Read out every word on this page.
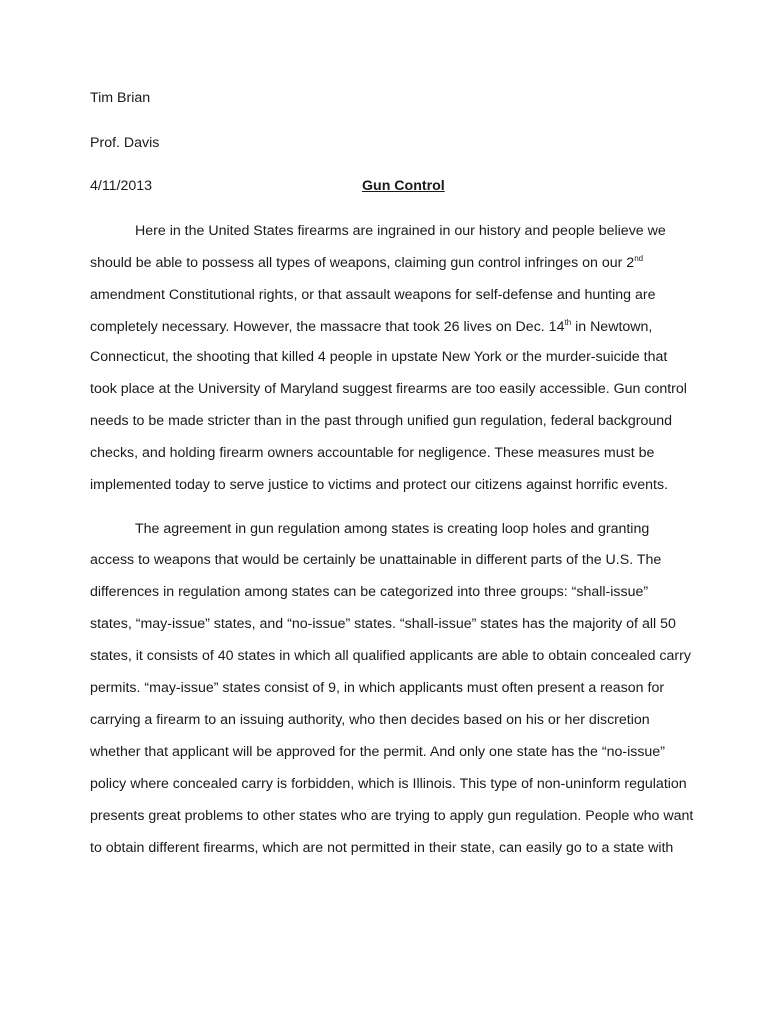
Tim Brian
Prof. Davis
4/11/2013	Gun Control
Here in the United States firearms are ingrained in our history and people believe we
should be able to possess all types of weapons, claiming gun control infringes on our 2nd
amendment Constitutional rights, or that assault weapons for self-defense and hunting are
completely necessary. However, the massacre that took 26 lives on Dec. 14th in Newtown,
Connecticut, the shooting that killed 4 people in upstate New York or the murder-suicide that
took place at the University of Maryland suggest firearms are too easily accessible. Gun control
needs to be made stricter than in the past through unified gun regulation, federal background
checks, and holding firearm owners accountable for negligence. These measures must be
implemented today to serve justice to victims and protect our citizens against horrific events.
The agreement in gun regulation among states is creating loop holes and granting
access to weapons that would be certainly be unattainable in different parts of the U.S. The
differences in regulation among states can be categorized into three groups: “shall-issue”
states, “may-issue” states, and “no-issue” states. “shall-issue” states has the majority of all 50
states, it consists of 40 states in which all qualified applicants are able to obtain concealed carry
permits. “may-issue” states consist of 9, in which applicants must often present a reason for
carrying a firearm to an issuing authority, who then decides based on his or her discretion
whether that applicant will be approved for the permit. And only one state has the “no-issue”
policy where concealed carry is forbidden, which is Illinois. This type of non-uninform regulation
presents great problems to other states who are trying to apply gun regulation. People who want
to obtain different firearms, which are not permitted in their state, can easily go to a state with
